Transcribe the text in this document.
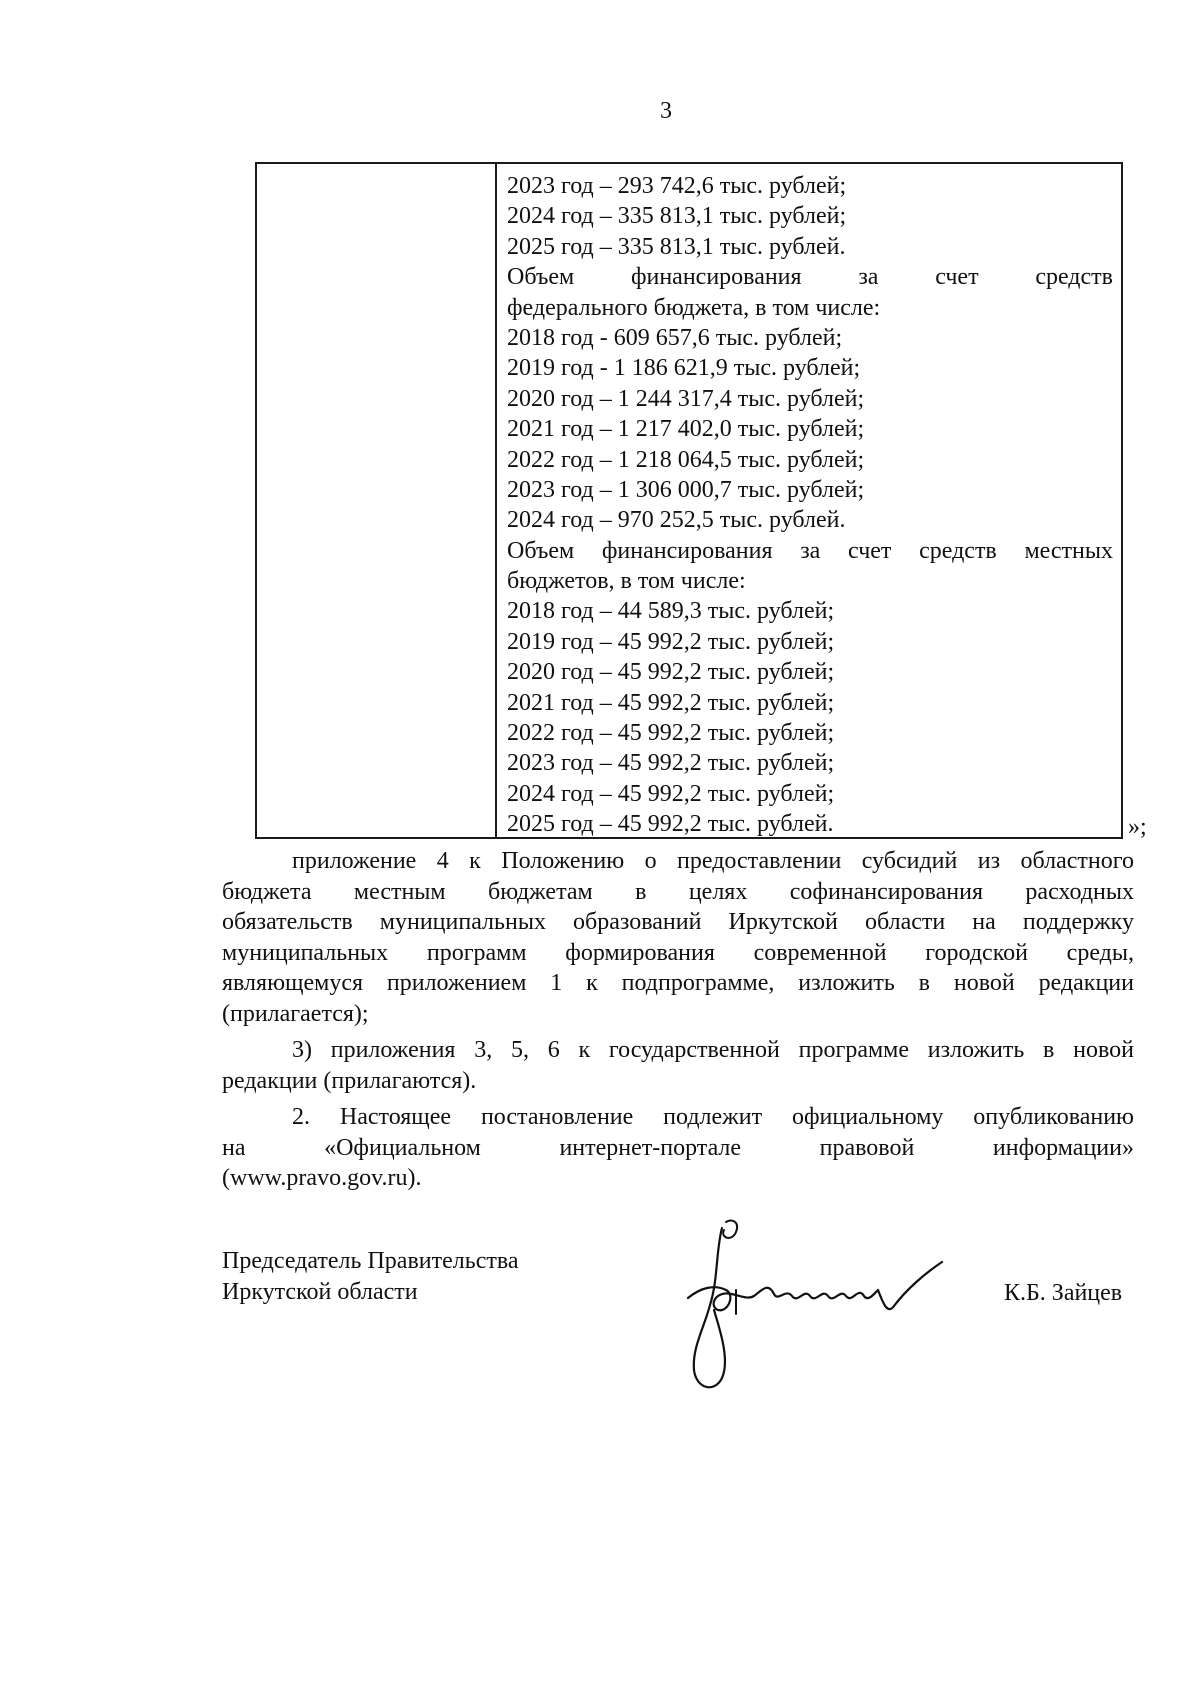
3
2023 год – 293 742,6 тыс. рублей;
2024 год – 335 813,1 тыс. рублей;
2025 год – 335 813,1 тыс. рублей.
Объем финансирования за счет средств
федерального бюджета, в том числе:
2018 год - 609 657,6 тыс. рублей;
2019 год - 1 186 621,9 тыс. рублей;
2020 год – 1 244 317,4 тыс. рублей;
2021 год – 1 217 402,0 тыс. рублей;
2022 год – 1 218 064,5 тыс. рублей;
2023 год – 1 306 000,7 тыс. рублей;
2024 год – 970 252,5 тыс. рублей.
Объем финансирования за счет средств местных
бюджетов, в том числе:
2018 год – 44 589,3 тыс. рублей;
2019 год – 45 992,2 тыс. рублей;
2020 год – 45 992,2 тыс. рублей;
2021 год – 45 992,2 тыс. рублей;
2022 год – 45 992,2 тыс. рублей;
2023 год – 45 992,2 тыс. рублей;
2024 год – 45 992,2 тыс. рублей;
2025 год – 45 992,2 тыс. рублей.	»;
приложение 4 к Положению о предоставлении субсидий из областного
бюджета местным бюджетам в целях софинансирования расходных
обязательств муниципальных образований Иркутской области на поддержку
муниципальных программ формирования современной городской среды,
являющемуся приложением 1 к подпрограмме, изложить в новой редакции
(прилагается);
3) приложения 3, 5, 6 к государственной программе изложить в новой
редакции (прилагаются).
2. Настоящее постановление подлежит официальному опубликованию
на «Официальном интернет-портале правовой информации»
(www.pravo.gov.ru).
Председатель Правительства
Иркутской области	К.Б. Зайцев
